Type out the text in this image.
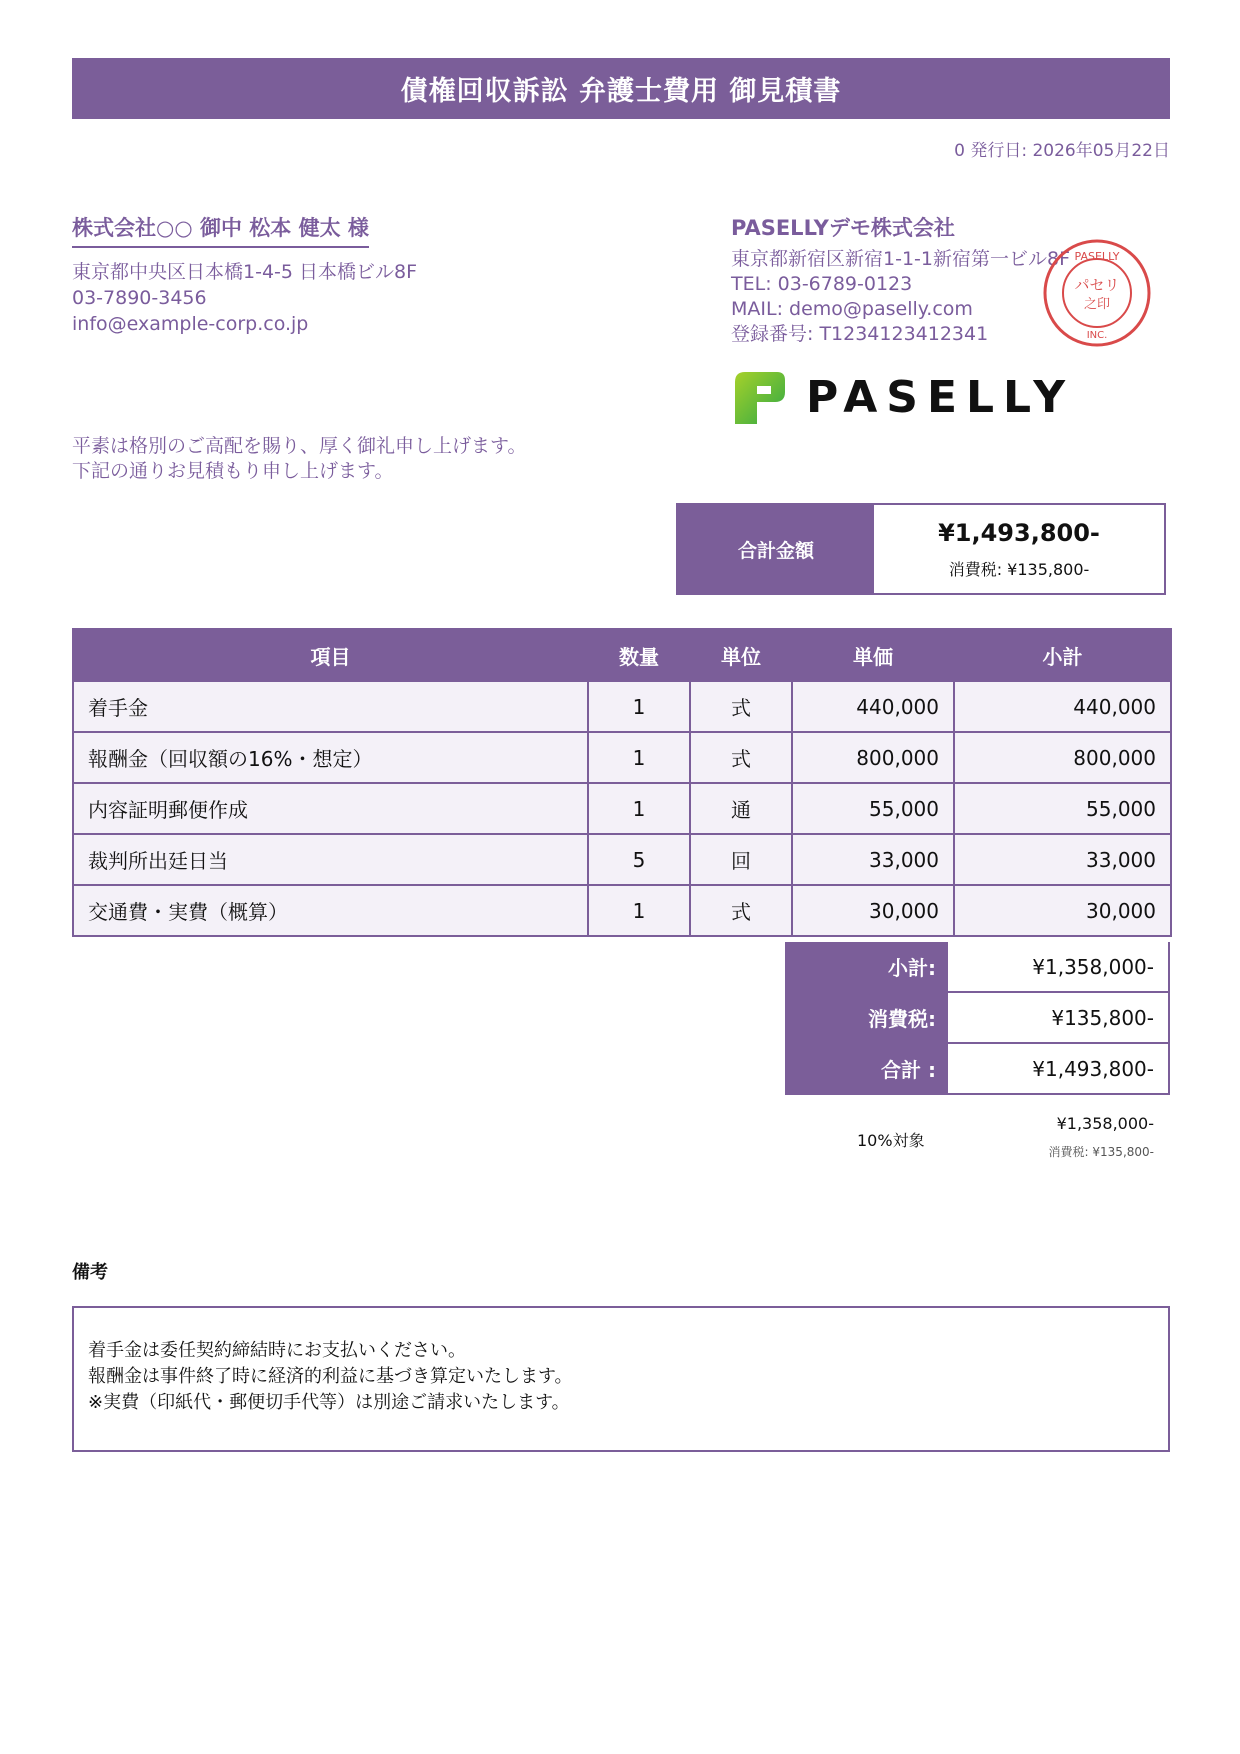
債権回収訴訟 弁護士費用 御見積書
0 発行日: 2026年05月22日
株式会社○○ 御中 松本 健太 様
東京都中央区日本橋1-4-5 日本橋ビル8F
03-7890-3456
info@example-corp.co.jp
PASELLYデモ株式会社
東京都新宿区新宿1-1-1新宿第一ビル8F
TEL: 03-6789-0123
MAIL: demo@paselly.com
登録番号: T1234123412341
PASELLY
パセリ
之印
INC.
PASELLY
平素は格別のご高配を賜り、厚く御礼申し上げます。
下記の通りお見積もり申し上げます。
合計金額
¥1,493,800-
消費税: ¥135,800-
項目	数量	単位	単価	小計
着手金	1	式	440,000	440,000
報酬金（回収額の16%・想定）	1	式	800,000	800,000
内容証明郵便作成	1	通	55,000	55,000
裁判所出廷日当	5	回	33,000	33,000
交通費・実費（概算）	1	式	30,000	30,000
小計:	¥1,358,000-
消費税:	¥135,800-
合計 :	¥1,493,800-
10%対象
¥1,358,000-
消費税: ¥135,800-
備考
着手金は委任契約締結時にお支払いください。
報酬金は事件終了時に経済的利益に基づき算定いたします。
※実費（印紙代・郵便切手代等）は別途ご請求いたします。
